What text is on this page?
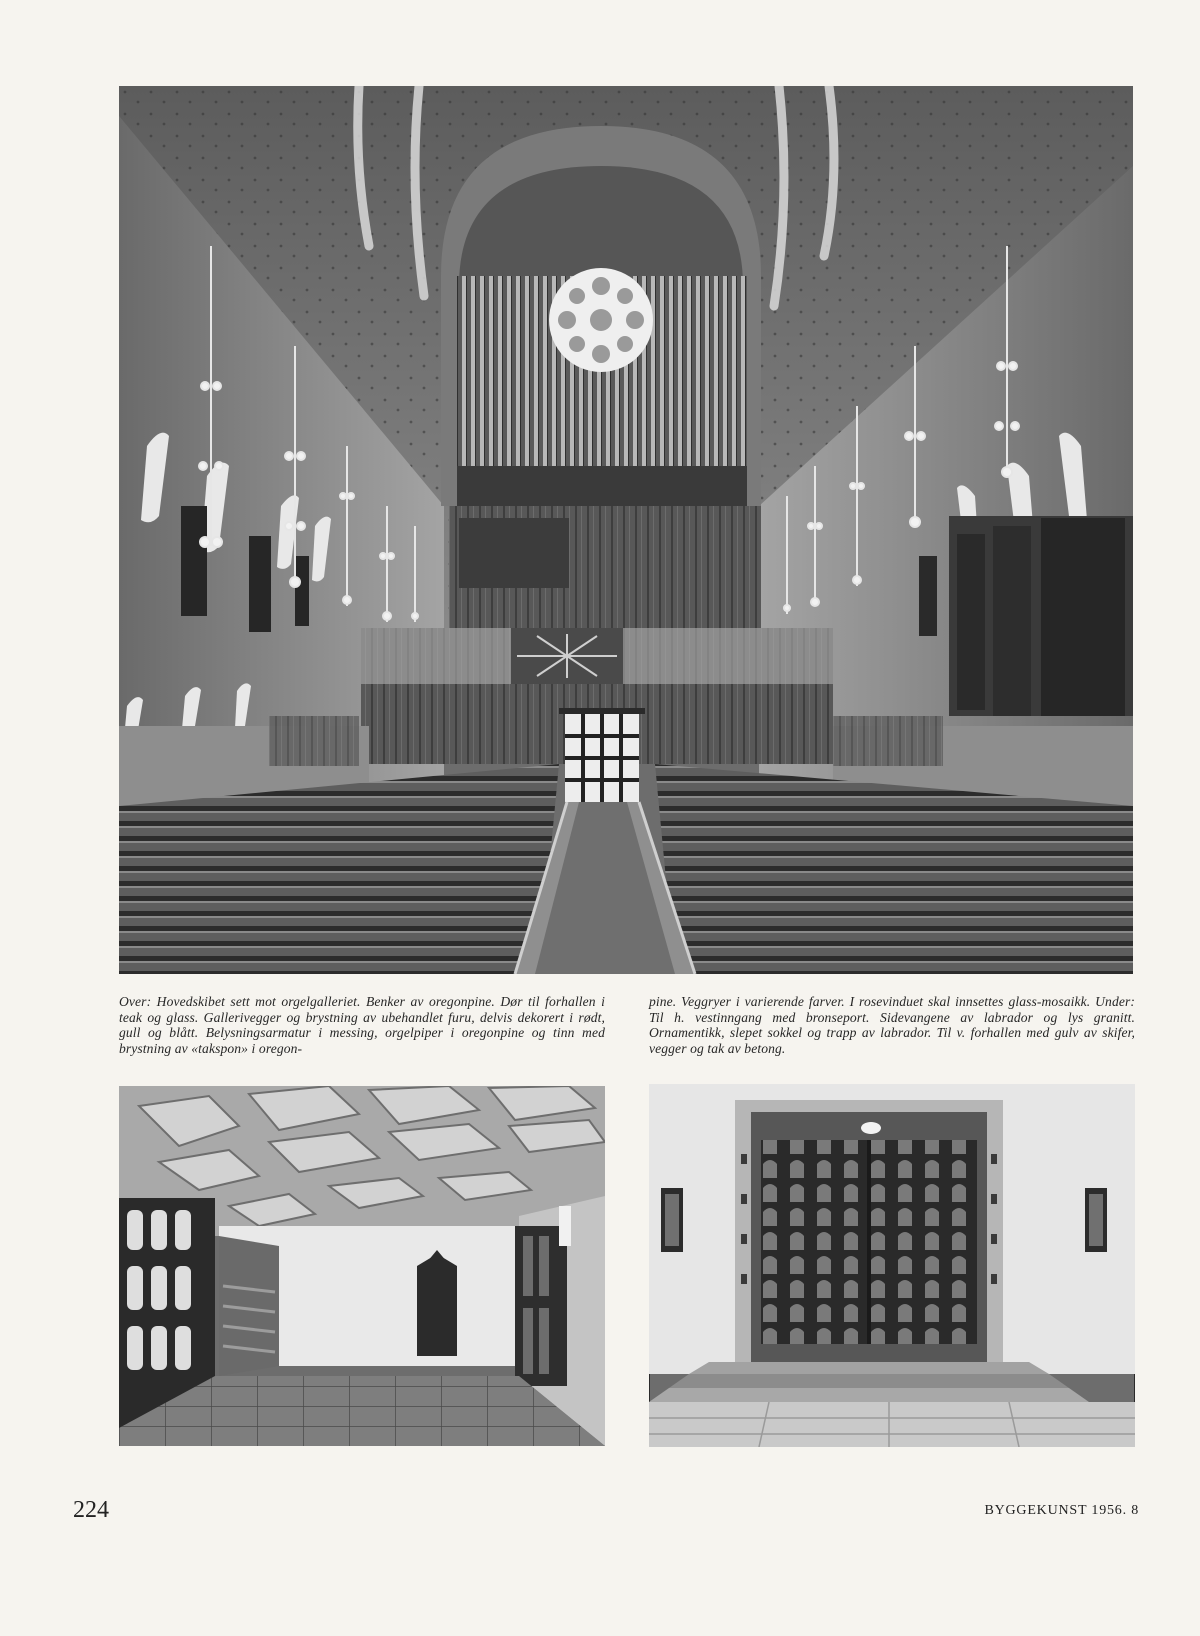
Over: Hovedskibet sett mot orgelgalleriet. Benker av oregonpine. Dør til forhallen i teak og glass. Gallerivegger og brystning av ubehandlet furu, delvis dekorert i rødt, gull og blått. Belysningsarmatur i messing, orgelpiper i oregonpine og tinn med brystning av «takspon» i oregon-

pine. Veggryer i varierende farver. I rosevinduet skal innsettes glass-mosaikk. Under: Til h. vestinngang med bronseport. Sidevangene av labrador og lys granitt. Ornamentikk, slepet sokkel og trapp av labrador. Til v. forhallen med gulv av skifer, vegger og tak av betong.

224	BYGGEKUNST 1956. 8
